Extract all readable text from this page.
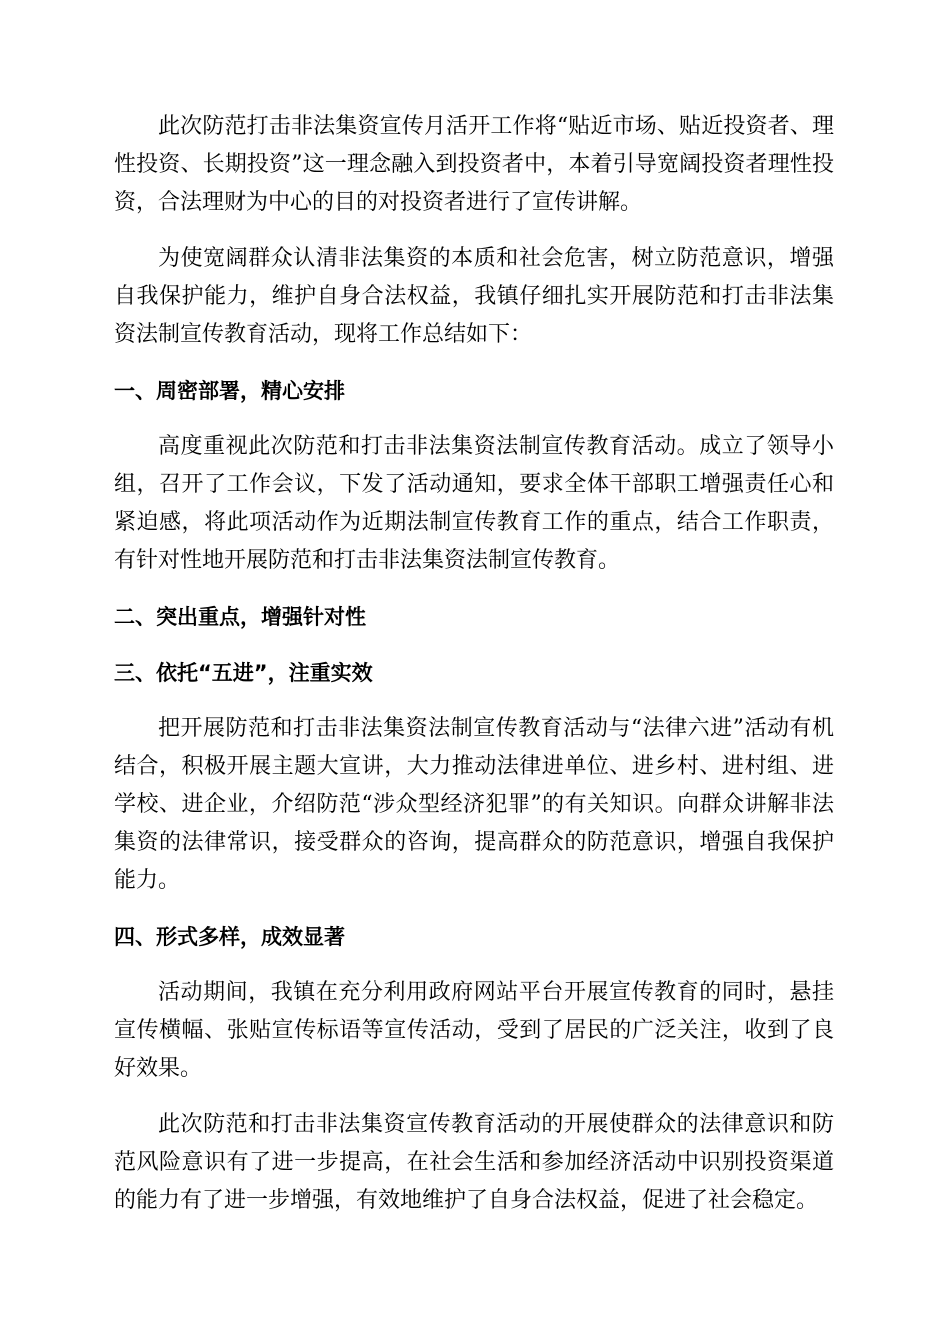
此次防范打击非法集资宣传月活开工作将“贴近市场、贴近投资者、理性投资、长期投资”这一理念融入到投资者中，本着引导宽阔投资者理性投资，合法理财为中心的目的对投资者进行了宣传讲解。

为使宽阔群众认清非法集资的本质和社会危害，树立防范意识，增强自我保护能力，维护自身合法权益，我镇仔细扎实开展防范和打击非法集资法制宣传教育活动，现将工作总结如下：

一、周密部署，精心安排

高度重视此次防范和打击非法集资法制宣传教育活动。成立了领导小组，召开了工作会议，下发了活动通知，要求全体干部职工增强责任心和紧迫感，将此项活动作为近期法制宣传教育工作的重点，结合工作职责，有针对性地开展防范和打击非法集资法制宣传教育。

二、突出重点，增强针对性

三、依托“五进”，注重实效

把开展防范和打击非法集资法制宣传教育活动与“法律六进”活动有机结合，积极开展主题大宣讲，大力推动法律进单位、进乡村、进村组、进学校、进企业，介绍防范“涉众型经济犯罪”的有关知识。向群众讲解非法集资的法律常识，接受群众的咨询，提高群众的防范意识，增强自我保护能力。

四、形式多样，成效显著

活动期间，我镇在充分利用政府网站平台开展宣传教育的同时，悬挂宣传横幅、张贴宣传标语等宣传活动，受到了居民的广泛关注，收到了良好效果。

此次防范和打击非法集资宣传教育活动的开展使群众的法律意识和防范风险意识有了进一步提高，在社会生活和参加经济活动中识别投资渠道的能力有了进一步增强，有效地维护了自身合法权益，促进了社会稳定。
